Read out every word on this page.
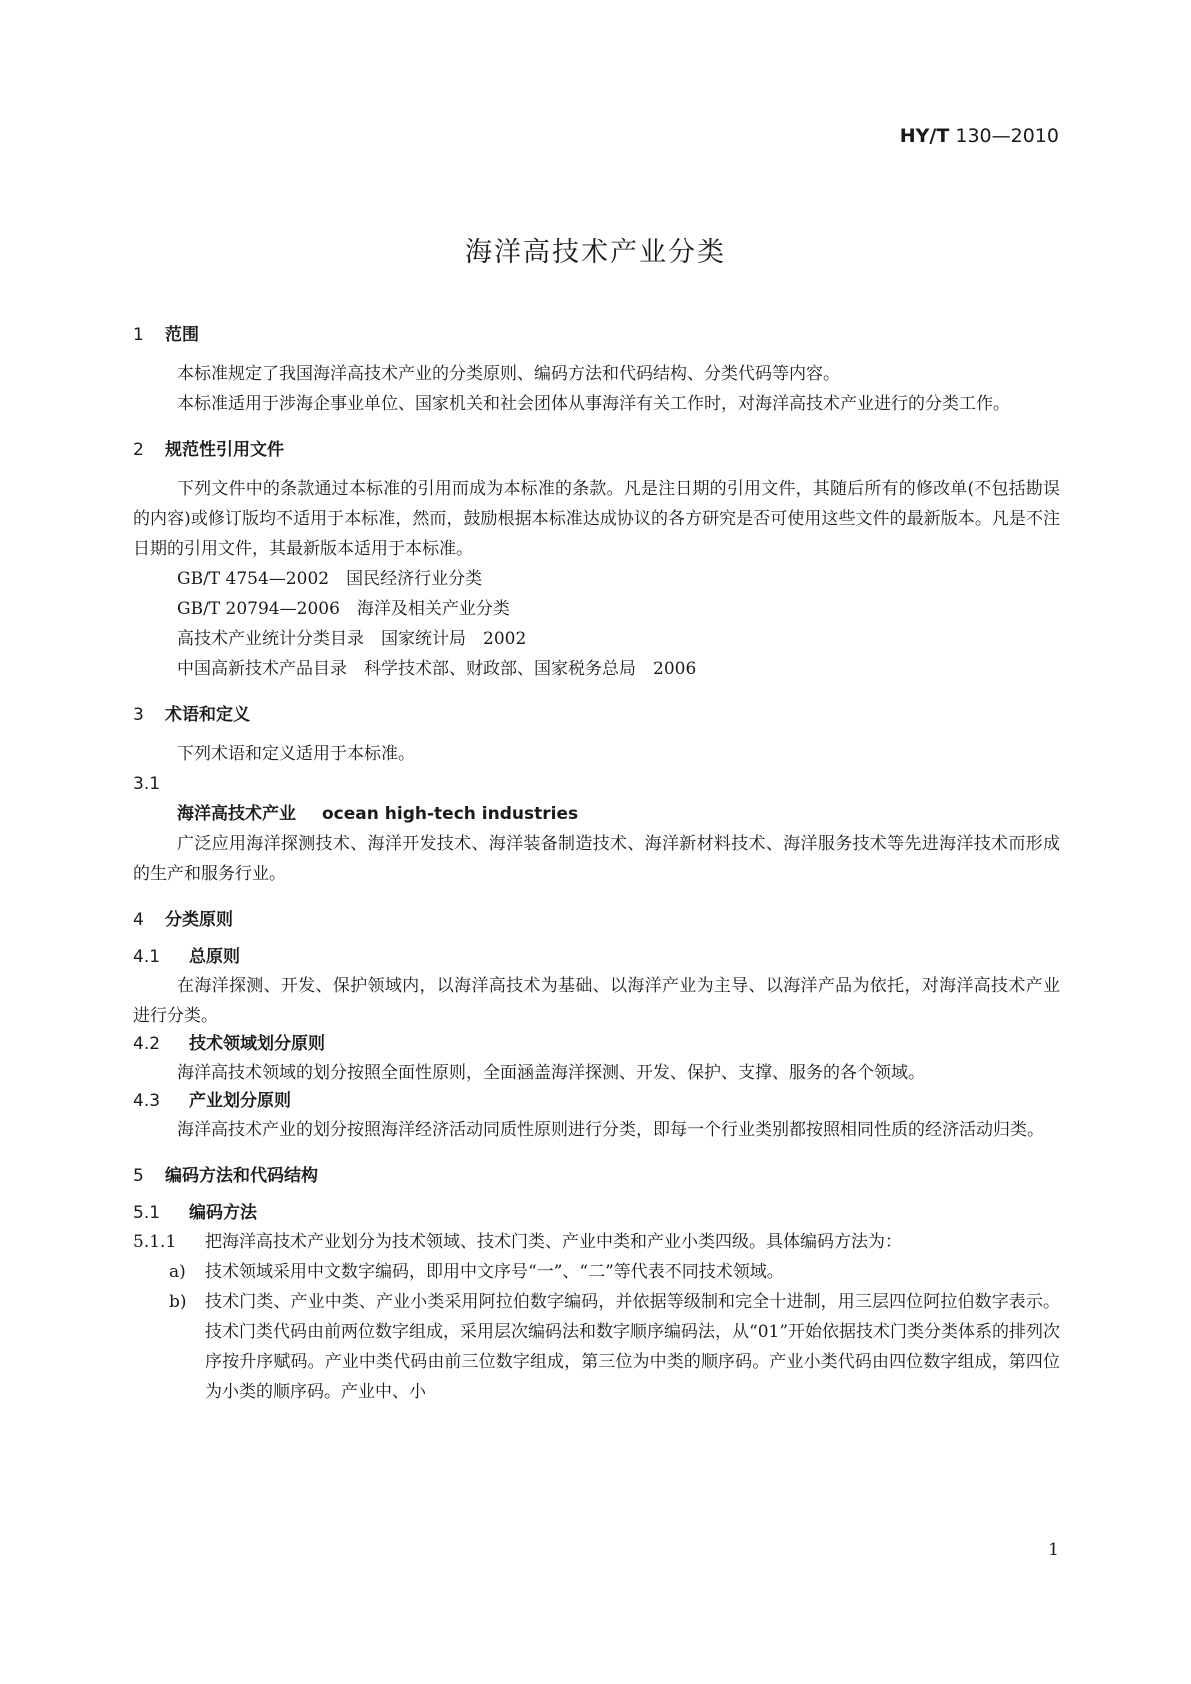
HY/T 130—2010
海洋高技术产业分类
1 范围
本标准规定了我国海洋高技术产业的分类原则、编码方法和代码结构、分类代码等内容。
本标准适用于涉海企事业单位、国家机关和社会团体从事海洋有关工作时，对海洋高技术产业进行的分类工作。
2 规范性引用文件
下列文件中的条款通过本标准的引用而成为本标准的条款。凡是注日期的引用文件，其随后所有的修改单(不包括勘误的内容)或修订版均不适用于本标准，然而，鼓励根据本标准达成协议的各方研究是否可使用这些文件的最新版本。凡是不注日期的引用文件，其最新版本适用于本标准。
GB/T 4754—2002　国民经济行业分类
GB/T 20794—2006　海洋及相关产业分类
高技术产业统计分类目录　国家统计局　2002
中国高新技术产品目录　科学技术部、财政部、国家税务总局　2006
3 术语和定义
下列术语和定义适用于本标准。
3.1
海洋高技术产业 ocean high-tech industries
广泛应用海洋探测技术、海洋开发技术、海洋装备制造技术、海洋新材料技术、海洋服务技术等先进海洋技术而形成的生产和服务行业。
4 分类原则
4.1 总原则
在海洋探测、开发、保护领域内，以海洋高技术为基础、以海洋产业为主导、以海洋产品为依托，对海洋高技术产业进行分类。
4.2 技术领域划分原则
海洋高技术领域的划分按照全面性原则，全面涵盖海洋探测、开发、保护、支撑、服务的各个领域。
4.3 产业划分原则
海洋高技术产业的划分按照海洋经济活动同质性原则进行分类，即每一个行业类别都按照相同性质的经济活动归类。
5 编码方法和代码结构
5.1 编码方法
5.1.1 把海洋高技术产业划分为技术领域、技术门类、产业中类和产业小类四级。具体编码方法为：
a) 技术领域采用中文数字编码，即用中文序号“一”、“二”等代表不同技术领域。
b) 技术门类、产业中类、产业小类采用阿拉伯数字编码，并依据等级制和完全十进制，用三层四位阿拉伯数字表示。技术门类代码由前两位数字组成，采用层次编码法和数字顺序编码法，从“01”开始依据技术门类分类体系的排列次序按升序赋码。产业中类代码由前三位数字组成，第三位为中类的顺序码。产业小类代码由四位数字组成，第四位为小类的顺序码。产业中、小
1
